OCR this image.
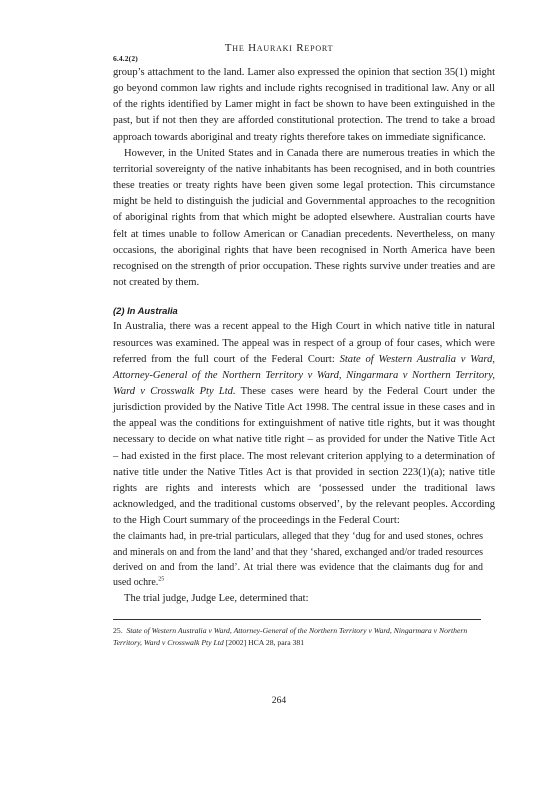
6.4.2(2)
The Hauraki Report

group’s attachment to the land. Lamer also expressed the opinion that section 35(1) might go beyond common law rights and include rights recognised in traditional law. Any or all of the rights identified by Lamer might in fact be shown to have been extinguished in the past, but if not then they are afforded constitutional protection. The trend to take a broad approach towards aboriginal and treaty rights therefore takes on immediate significance.

However, in the United States and in Canada there are numerous treaties in which the territorial sovereignty of the native inhabitants has been recognised, and in both countries these treaties or treaty rights have been given some legal protection. This circumstance might be held to distinguish the judicial and Governmental approaches to the recognition of aboriginal rights from that which might be adopted elsewhere. Australian courts have felt at times unable to follow American or Canadian precedents. Nevertheless, on many occasions, the aboriginal rights that have been recognised in North America have been recognised on the strength of prior occupation. These rights survive under treaties and are not created by them.

(2) In Australia

In Australia, there was a recent appeal to the High Court in which native title in natural resources was examined. The appeal was in respect of a group of four cases, which were referred from the full court of the Federal Court: State of Western Australia v Ward, Attorney-General of the Northern Territory v Ward, Ningarmara v Northern Territory, Ward v Crosswalk Pty Ltd. These cases were heard by the Federal Court under the jurisdiction provided by the Native Title Act 1998. The central issue in these cases and in the appeal was the conditions for extinguishment of native title rights, but it was thought necessary to decide on what native title right – as provided for under the Native Title Act – had existed in the first place. The most relevant criterion applying to a determination of native title under the Native Titles Act is that provided in section 223(1)(a); native title rights are rights and interests which are ‘possessed under the traditional laws acknowledged, and the traditional customs observed’, by the relevant peoples. According to the High Court summary of the proceedings in the Federal Court:

the claimants had, in pre-trial particulars, alleged that they ‘dug for and used stones, ochres and minerals on and from the land’ and that they ‘shared, exchanged and/or traded resources derived on and from the land’. At trial there was evidence that the claimants dug for and used ochre.$^{25}$

The trial judge, Judge Lee, determined that:

25. State of Western Australia v Ward, Attorney-General of the Northern Territory v Ward, Ningarmara v Northern Territory, Ward v Crosswalk Pty Ltd [2002] HCA 28, para 381
264
